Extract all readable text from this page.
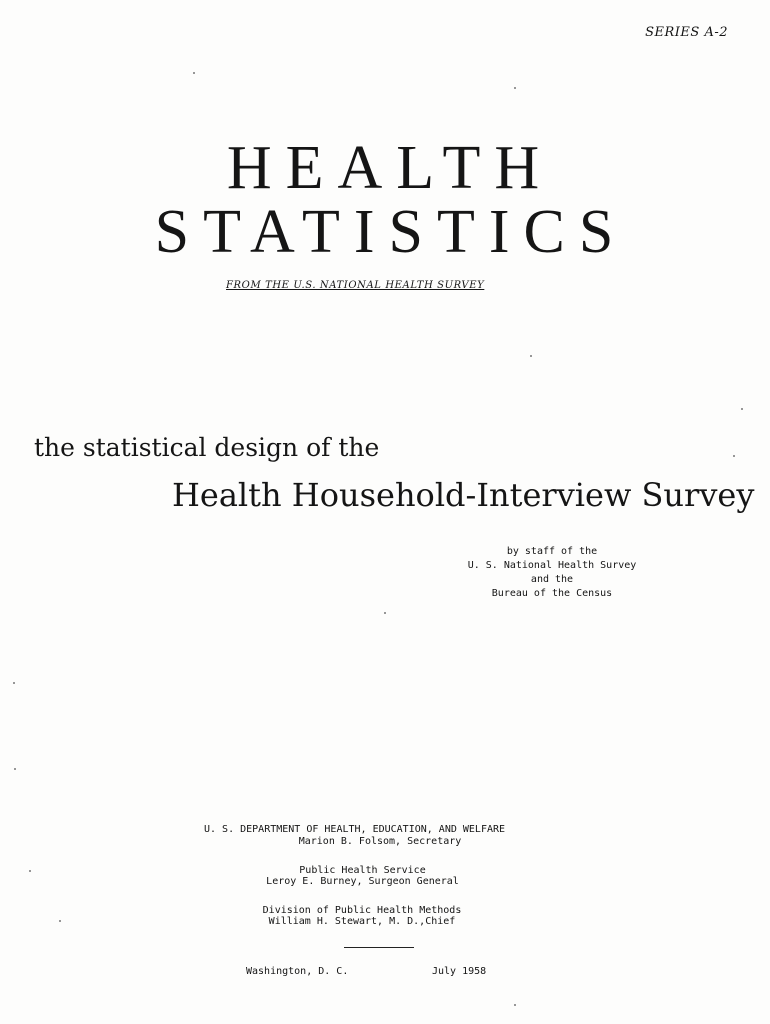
SERIES A-2
HEALTH
STATISTICS
FROM THE U.S. NATIONAL HEALTH SURVEY
the statistical design of the
Health Household-Interview Survey
by staff of the
U. S. National Health Survey
and the
Bureau of the Census
U. S. DEPARTMENT OF HEALTH, EDUCATION, AND WELFARE
Marion B. Folsom, Secretary
Public Health Service
Leroy E. Burney, Surgeon General
Division of Public Health Methods
William H. Stewart, M. D.,Chief
Washington, D. C.	July 1958
